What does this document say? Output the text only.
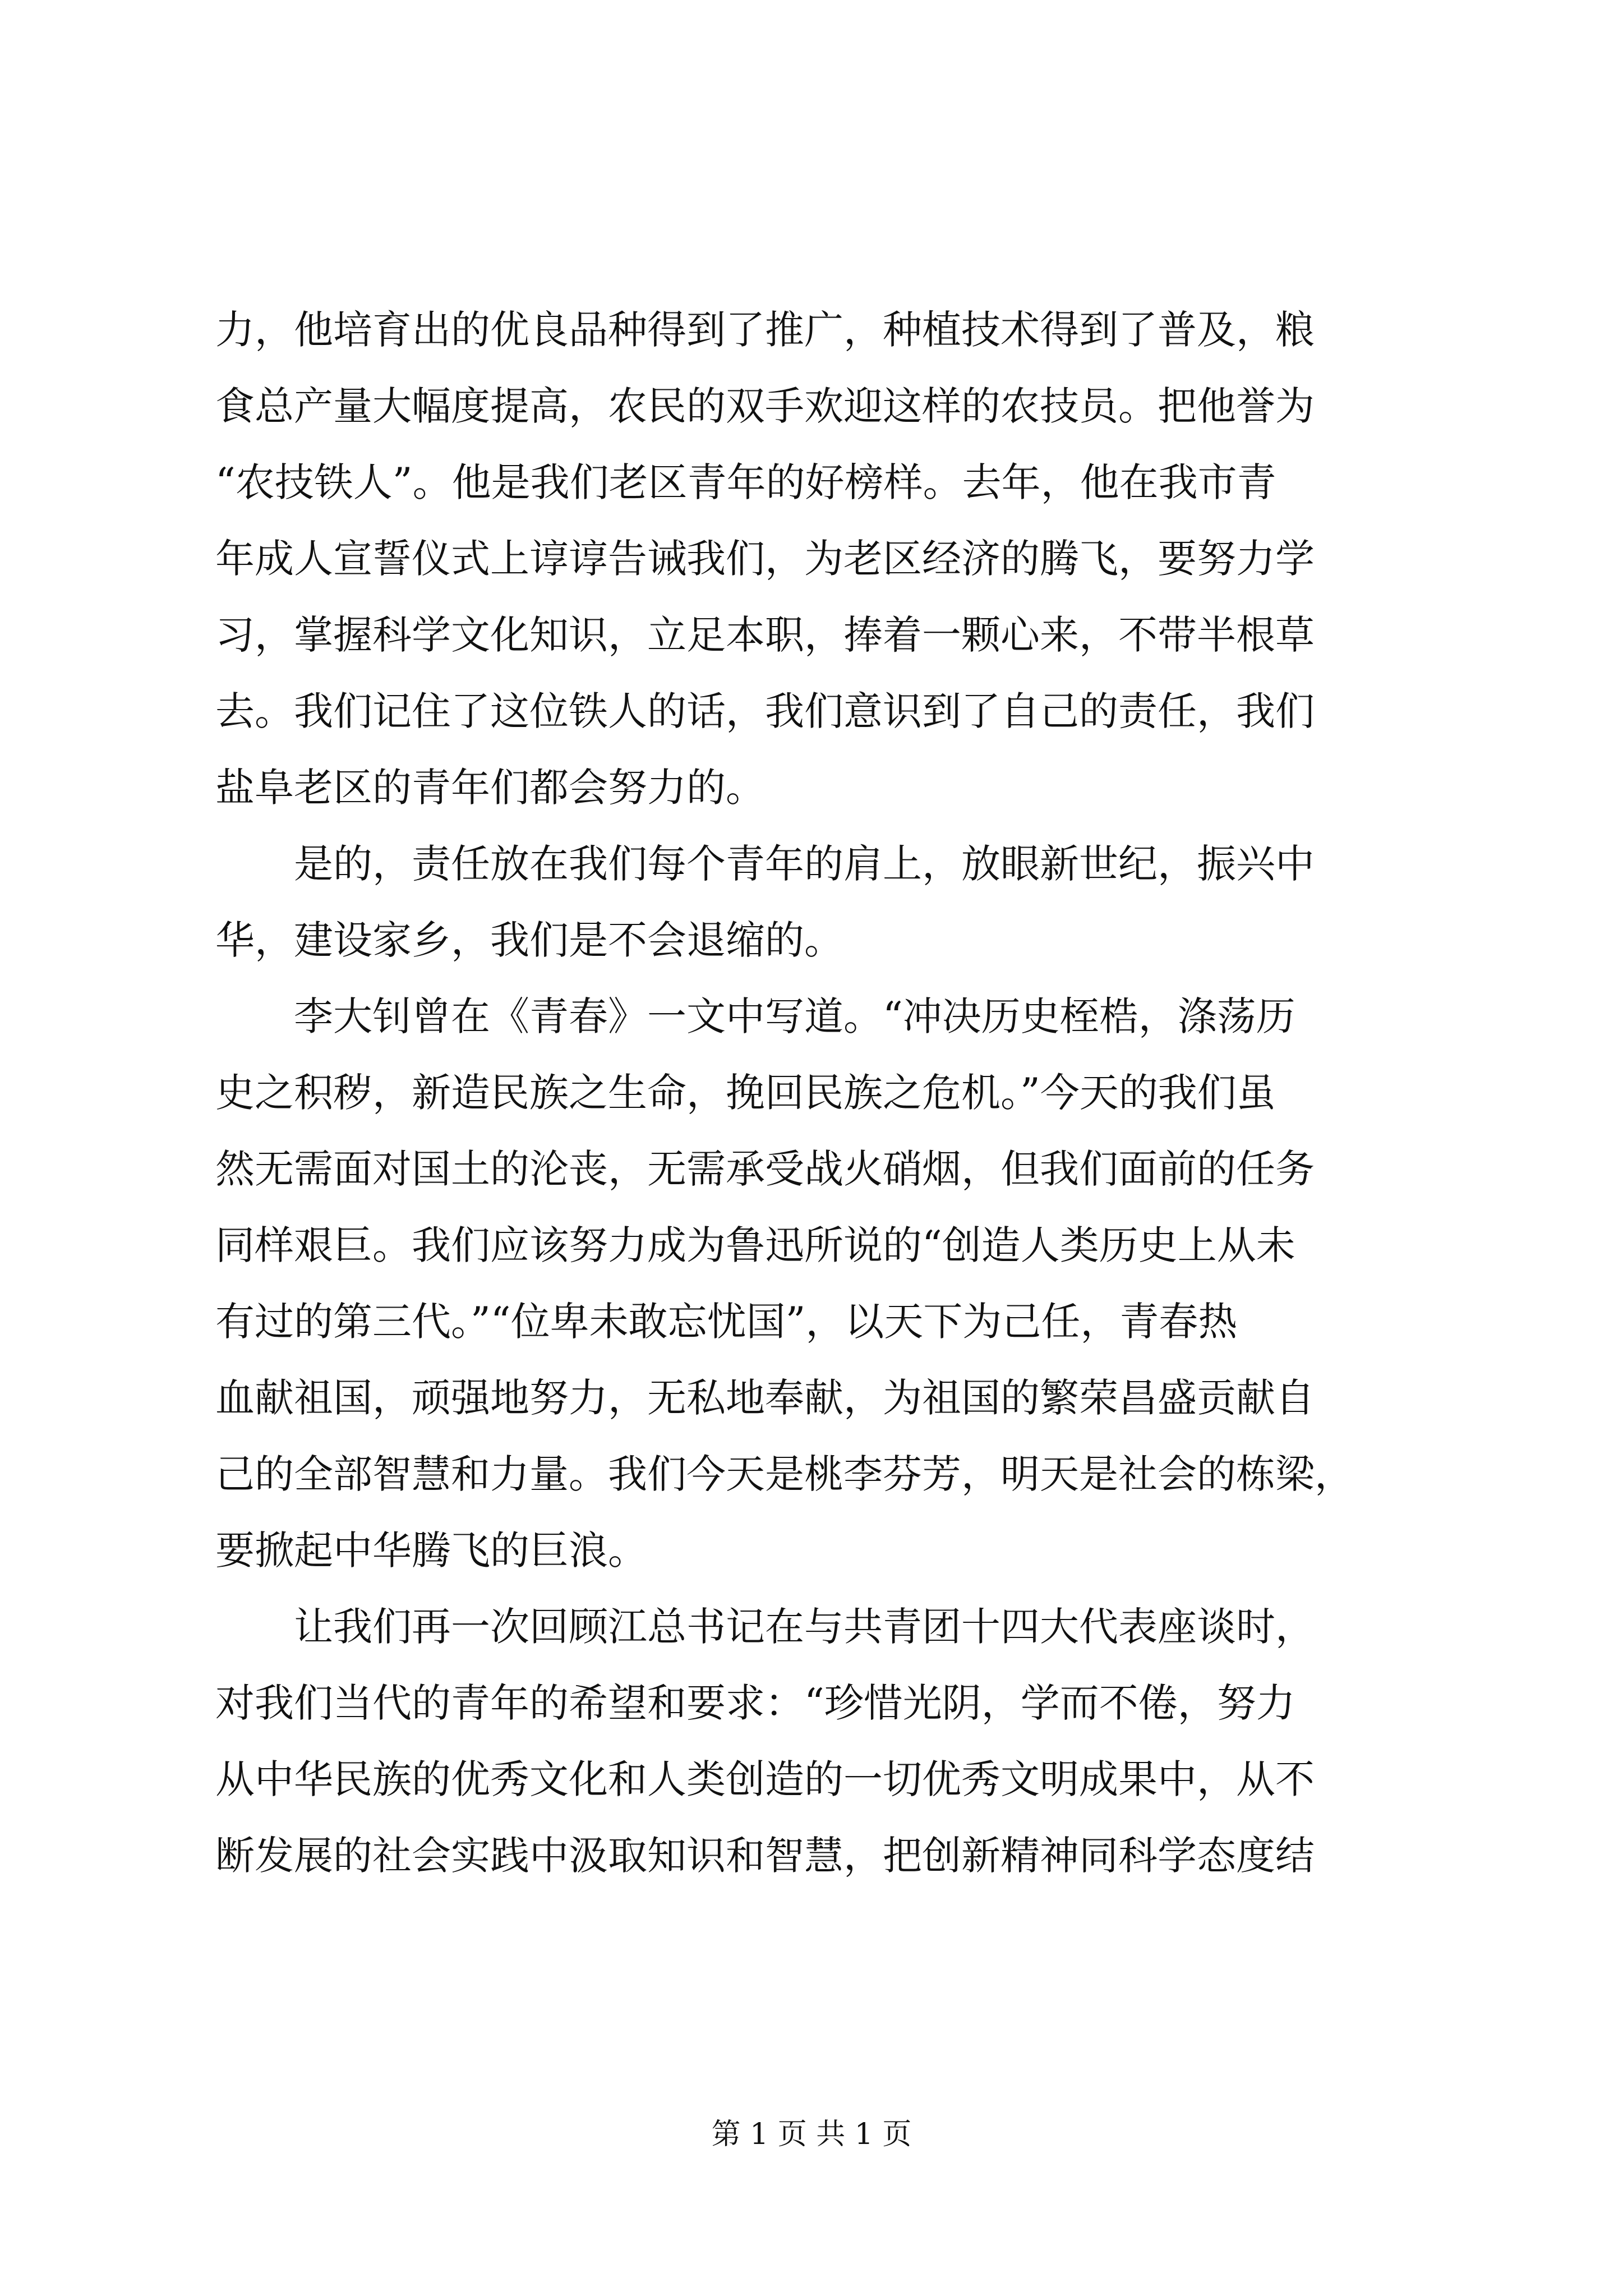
力，他培育出的优良品种得到了推广，种植技术得到了普及，粮
食总产量大幅度提高，农民的双手欢迎这样的农技员。把他誉为
“农技铁人”。他是我们老区青年的好榜样。去年，他在我市青
年成人宣誓仪式上谆谆告诫我们，为老区经济的腾飞，要努力学
习，掌握科学文化知识，立足本职，捧着一颗心来，不带半根草
去。我们记住了这位铁人的话，我们意识到了自己的责任，我们
盐阜老区的青年们都会努力的。
是的，责任放在我们每个青年的肩上，放眼新世纪，振兴中
华，建设家乡，我们是不会退缩的。
李大钊曾在《青春》一文中写道。“冲决历史桎梏，涤荡历
史之积秽，新造民族之生命，挽回民族之危机。”今天的我们虽
然无需面对国土的沦丧，无需承受战火硝烟，但我们面前的任务
同样艰巨。我们应该努力成为鲁迅所说的“创造人类历史上从未
有过的第三代。”“位卑未敢忘忧国”，以天下为己任，青春热
血献祖国，顽强地努力，无私地奉献，为祖国的繁荣昌盛贡献自
己的全部智慧和力量。我们今天是桃李芬芳，明天是社会的栋梁，
要掀起中华腾飞的巨浪。
让我们再一次回顾江总书记在与共青团十四大代表座谈时，
对我们当代的青年的希望和要求：“珍惜光阴，学而不倦，努力
从中华民族的优秀文化和人类创造的一切优秀文明成果中，从不
断发展的社会实践中汲取知识和智慧，把创新精神同科学态度结
第 1 页 共 1 页
